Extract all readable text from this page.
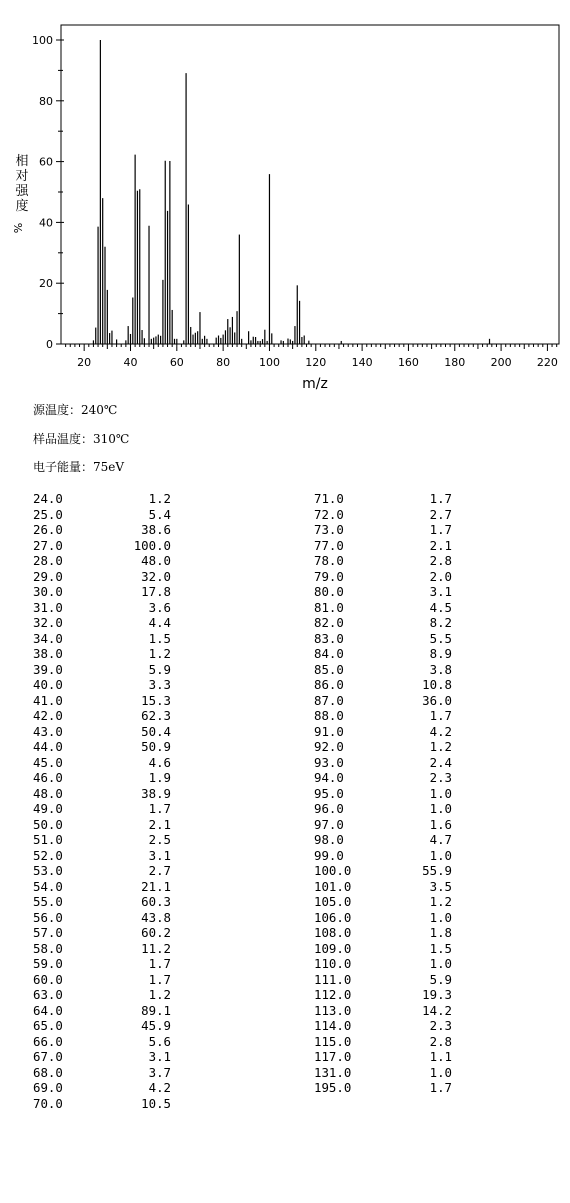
0
20
40
60
80
100
20	40	60	80	100 120 140 160 180 200 220
m/z
相
对
强
度
%
源温度：240℃
样品温度：310℃
电子能量：75eV
24.0	1.2
25.0	5.4
26.0	38.6
27.0	100.0
28.0	48.0
29.0	32.0
30.0	17.8
31.0	3.6
32.0	4.4
34.0	1.5
38.0	1.2
39.0	5.9
40.0	3.3
41.0	15.3
42.0	62.3
43.0	50.4
44.0	50.9
45.0	4.6
46.0	1.9
48.0	38.9
49.0	1.7
50.0	2.1
51.0	2.5
52.0	3.1
53.0	2.7
54.0	21.1
55.0	60.3
56.0	43.8
57.0	60.2
58.0	11.2
59.0	1.7
60.0	1.7
63.0	1.2
64.0	89.1
65.0	45.9
66.0	5.6
67.0	3.1
68.0	3.7
69.0	4.2
70.0	10.5
71.0	1.7
72.0	2.7
73.0	1.7
77.0	2.1
78.0	2.8
79.0	2.0
80.0	3.1
81.0	4.5
82.0	8.2
83.0	5.5
84.0	8.9
85.0	3.8
86.0	10.8
87.0	36.0
88.0	1.7
91.0	4.2
92.0	1.2
93.0	2.4
94.0	2.3
95.0	1.0
96.0	1.0
97.0	1.6
98.0	4.7
99.0	1.0
100.0	55.9
101.0	3.5
105.0	1.2
106.0	1.0
108.0	1.8
109.0	1.5
110.0	1.0
111.0	5.9
112.0	19.3
113.0	14.2
114.0	2.3
115.0	2.8
117.0	1.1
131.0	1.0
195.0	1.7
